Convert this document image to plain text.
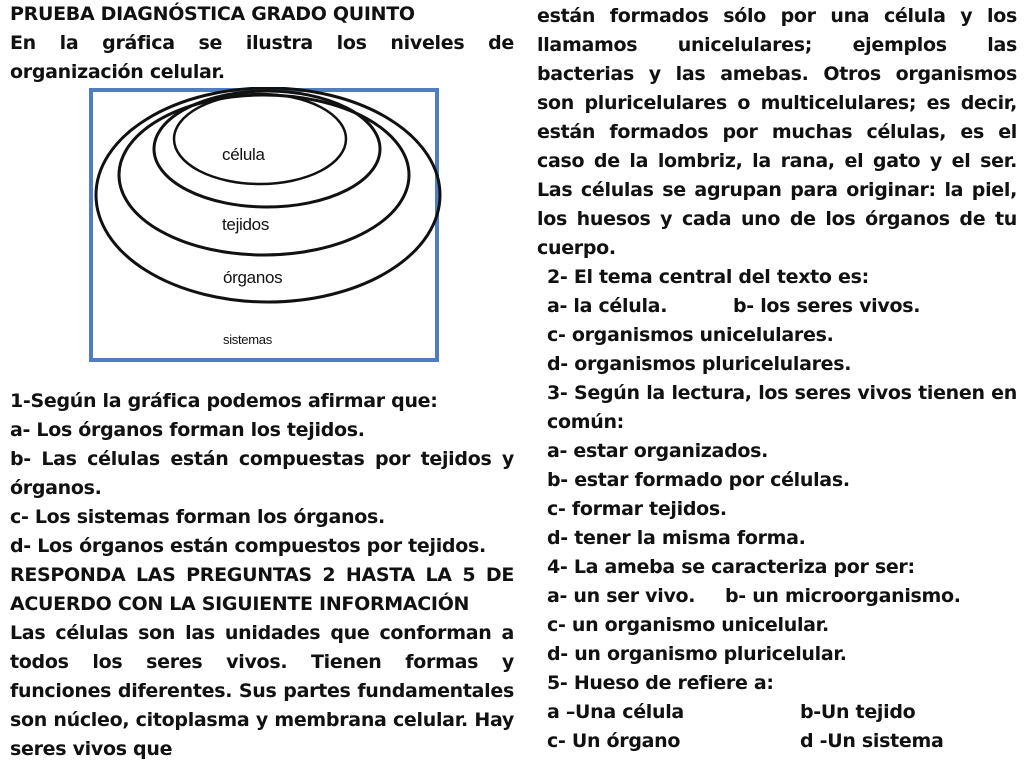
PRUEBA DIAGNÓSTICA GRADO QUINTO
En la gráfica se ilustra los niveles de organización celular.
célula
tejidos
órganos
sistemas
1-Según la gráfica podemos afirmar que:
a- Los órganos forman los tejidos.
b- Las células están compuestas por tejidos y órganos.
c- Los sistemas forman los órganos.
d- Los órganos están compuestos por tejidos.
RESPONDA LAS PREGUNTAS 2 HASTA LA 5 DE ACUERDO CON LA SIGUIENTE INFORMACIÓN
Las células son las unidades que conforman a todos los seres vivos. Tienen formas y funciones diferentes. Sus partes fundamentales son núcleo, citoplasma y membrana celular. Hay seres vivos que
están formados sólo por una célula y los llamamos unicelulares; ejemplos las bacterias y las amebas. Otros organismos son pluricelulares o multicelulares; es decir, están formados por muchas células, es el caso de la lombriz, la rana, el gato y el ser. Las células se agrupan para originar: la piel, los huesos y cada uno de los órganos de tu cuerpo.
2- El tema central del texto es:
a- la célula.	b- los seres vivos.
c- organismos unicelulares.
d- organismos pluricelulares.
3- Según la lectura, los seres vivos tienen en común:
a- estar organizados.
b- estar formado por células.
c- formar tejidos.
d- tener la misma forma.
4- La ameba se caracteriza por ser:
a- un ser vivo.	b- un microorganismo.
c- un organismo unicelular.
d- un organismo pluricelular.
5- Hueso de refiere a:
a –Una célula	b-Un tejido
c- Un órgano	d -Un sistema
